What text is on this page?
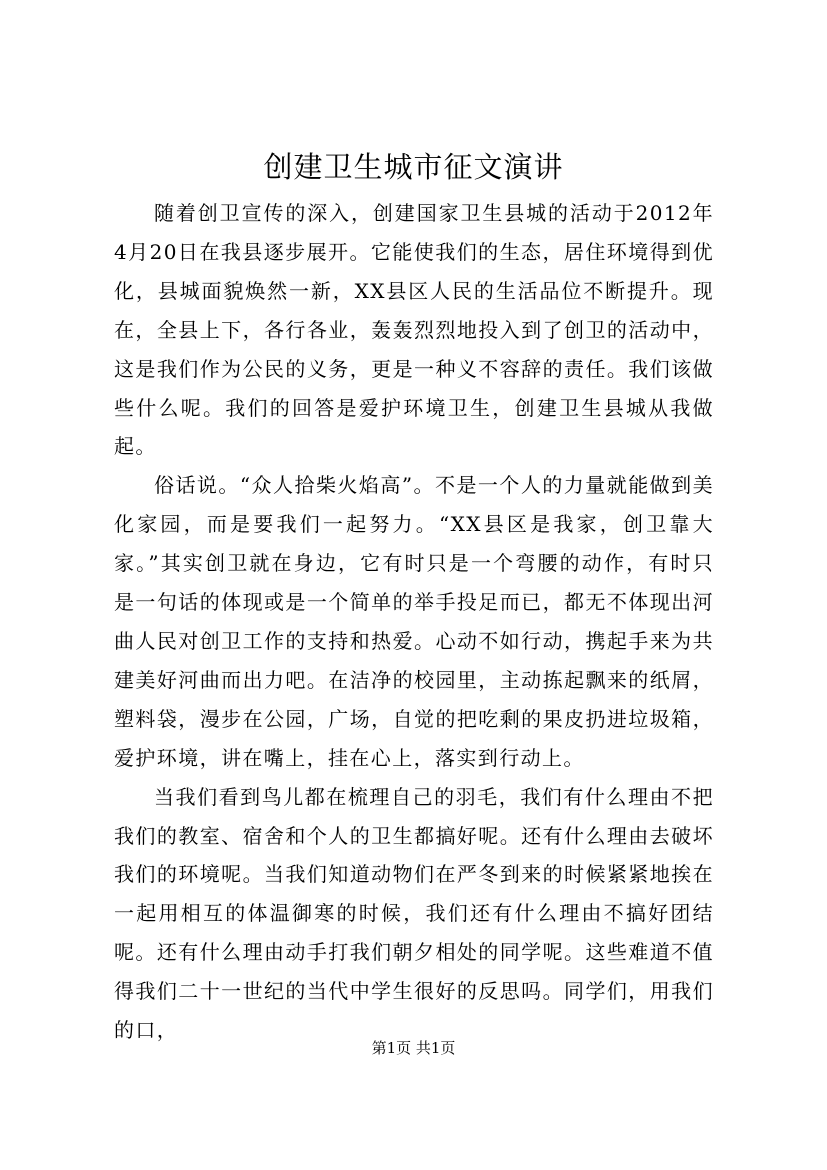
创建卫生城市征文演讲

随着创卫宣传的深入，创建国家卫生县城的活动于2012年4月20日在我县逐步展开。它能使我们的生态，居住环境得到优化，县城面貌焕然一新，XX县区人民的生活品位不断提升。现在，全县上下，各行各业，轰轰烈烈地投入到了创卫的活动中，这是我们作为公民的义务，更是一种义不容辞的责任。我们该做些什么呢。我们的回答是爱护环境卫生，创建卫生县城从我做起。

俗话说。“众人拾柴火焰高”。不是一个人的力量就能做到美化家园，而是要我们一起努力。“XX县区是我家，创卫靠大家。”其实创卫就在身边，它有时只是一个弯腰的动作，有时只是一句话的体现或是一个简单的举手投足而已，都无不体现出河曲人民对创卫工作的支持和热爱。心动不如行动，携起手来为共建美好河曲而出力吧。在洁净的校园里，主动拣起飘来的纸屑，塑料袋，漫步在公园，广场，自觉的把吃剩的果皮扔进垃圾箱，爱护环境，讲在嘴上，挂在心上，落实到行动上。

当我们看到鸟儿都在梳理自己的羽毛，我们有什么理由不把我们的教室、宿舍和个人的卫生都搞好呢。还有什么理由去破坏我们的环境呢。当我们知道动物们在严冬到来的时候紧紧地挨在一起用相互的体温御寒的时候，我们还有什么理由不搞好团结呢。还有什么理由动手打我们朝夕相处的同学呢。这些难道不值得我们二十一世纪的当代中学生很好的反思吗。同学们，用我们的口，

第1页 共1页
